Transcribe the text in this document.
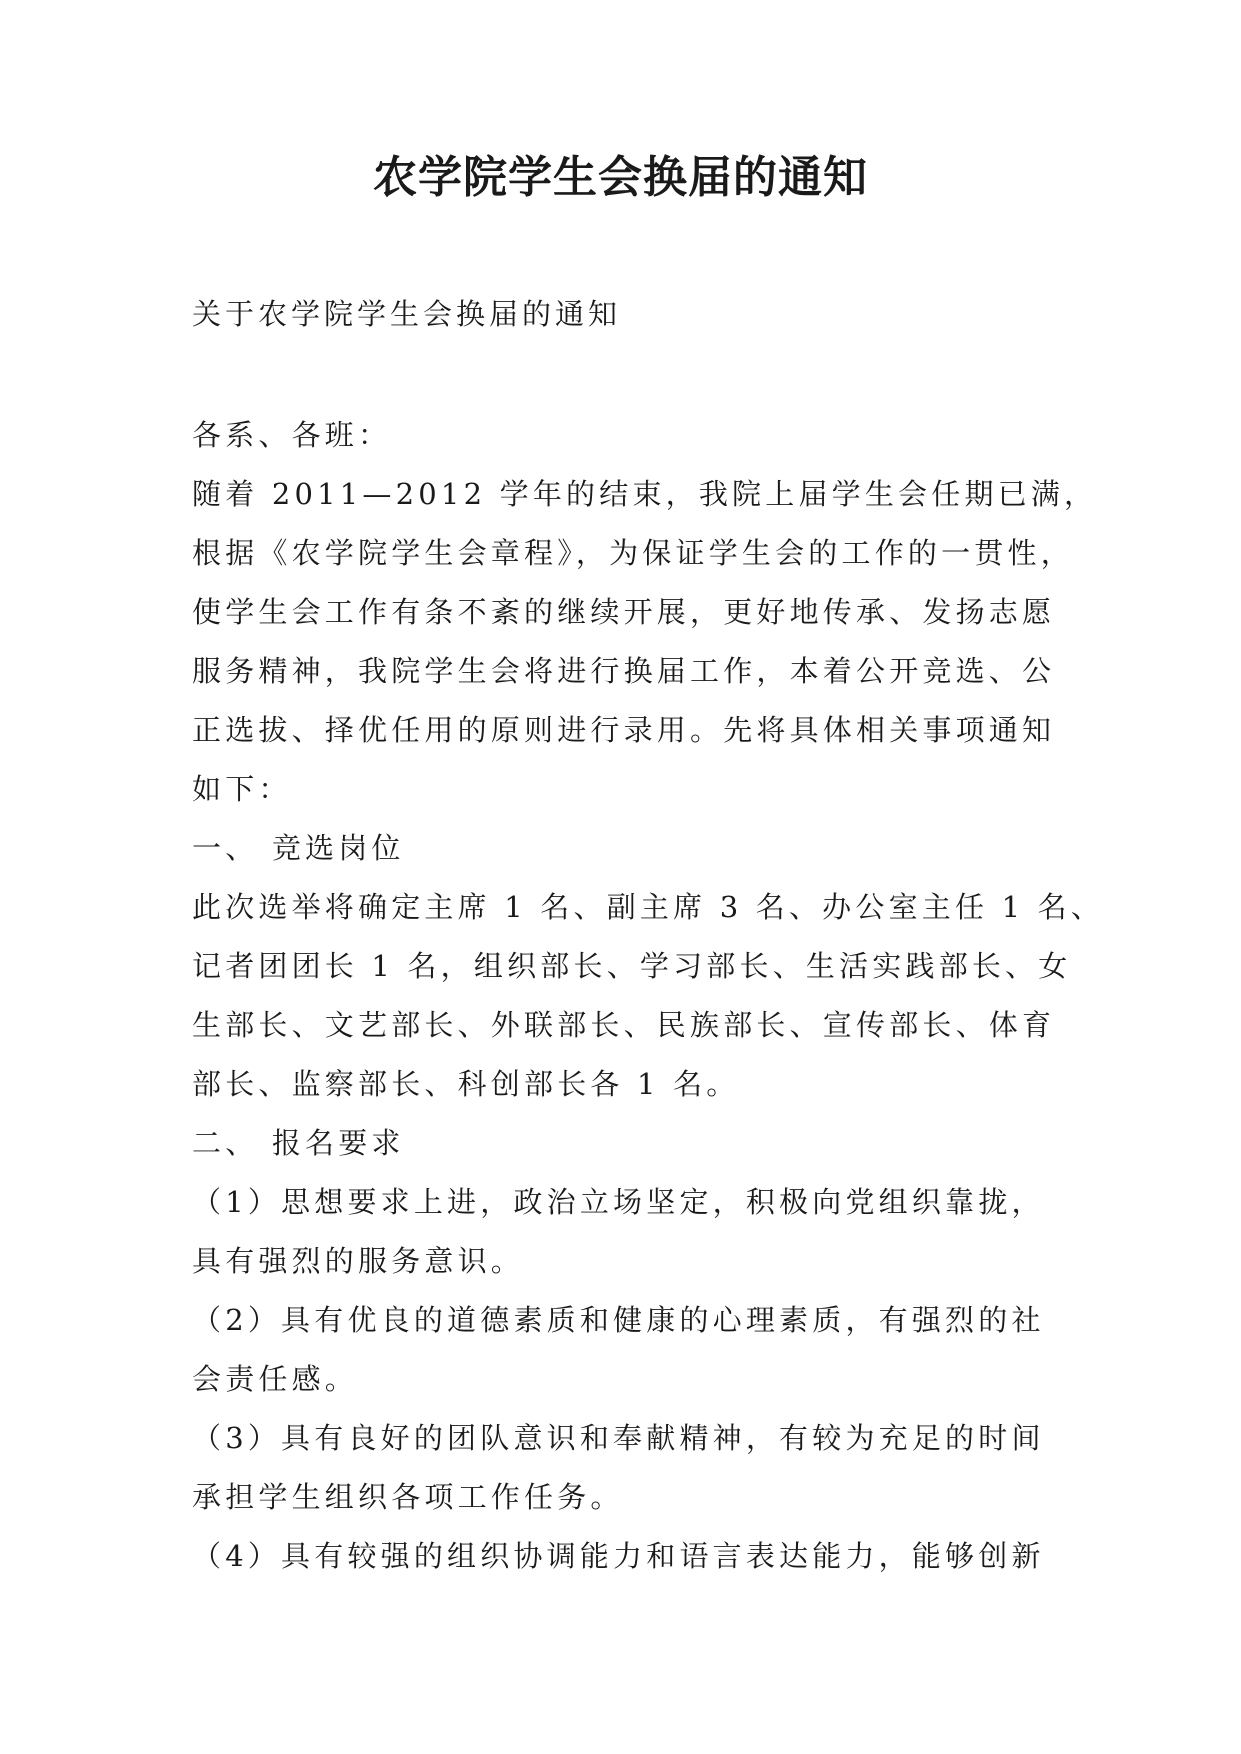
农学院学生会换届的通知
关于农学院学生会换届的通知
各系、各班：
随着 2011—2012 学年的结束，我院上届学生会任期已满，
根据《农学院学生会章程》，为保证学生会的工作的一贯性，
使学生会工作有条不紊的继续开展，更好地传承、发扬志愿
服务精神，我院学生会将进行换届工作，本着公开竞选、公
正选拔、择优任用的原则进行录用。先将具体相关事项通知
如下：
一、 竞选岗位
此次选举将确定主席 1 名、副主席 3 名、办公室主任 1 名、
记者团团长 1 名，组织部长、学习部长、生活实践部长、女
生部长、文艺部长、外联部长、民族部长、宣传部长、体育
部长、监察部长、科创部长各 1 名。
二、 报名要求
（1）思想要求上进，政治立场坚定，积极向党组织靠拢，
具有强烈的服务意识。
（2）具有优良的道德素质和健康的心理素质，有强烈的社
会责任感。
（3）具有良好的团队意识和奉献精神，有较为充足的时间
承担学生组织各项工作任务。
（4）具有较强的组织协调能力和语言表达能力，能够创新
